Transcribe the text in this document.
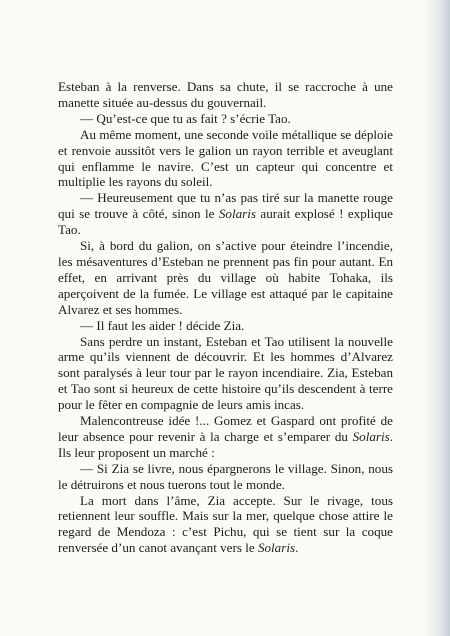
Esteban à la renverse. Dans sa chute, il se raccroche à une manette située au-dessus du gouvernail.

— Qu’est-ce que tu as fait ? s’écrie Tao.

Au même moment, une seconde voile métallique se déploie et renvoie aussitôt vers le galion un rayon terrible et aveuglant qui enflamme le navire. C’est un capteur qui concentre et multiplie les rayons du soleil.

— Heureusement que tu n’as pas tiré sur la manette rouge qui se trouve à côté, sinon le Solaris aurait explosé ! explique Tao.

Si, à bord du galion, on s’active pour éteindre l’incendie, les mésaventures d’Esteban ne prennent pas fin pour autant. En effet, en arrivant près du village où habite Tohaka, ils aperçoivent de la fumée. Le village est attaqué par le capitaine Alvarez et ses hommes.

— Il faut les aider ! décide Zia.

Sans perdre un instant, Esteban et Tao utilisent la nouvelle arme qu’ils viennent de découvrir. Et les hommes d’Alvarez sont paralysés à leur tour par le rayon incendiaire. Zia, Esteban et Tao sont si heureux de cette histoire qu’ils descendent à terre pour le fêter en compagnie de leurs amis incas.

Malencontreuse idée !... Gomez et Gaspard ont profité de leur absence pour revenir à la charge et s’emparer du Solaris. Ils leur proposent un marché :

— Si Zia se livre, nous épargnerons le village. Sinon, nous le détruirons et nous tuerons tout le monde.

La mort dans l’âme, Zia accepte. Sur le rivage, tous retiennent leur souffle. Mais sur la mer, quelque chose attire le regard de Mendoza : c’est Pichu, qui se tient sur la coque renversée d’un canot avançant vers le Solaris.
